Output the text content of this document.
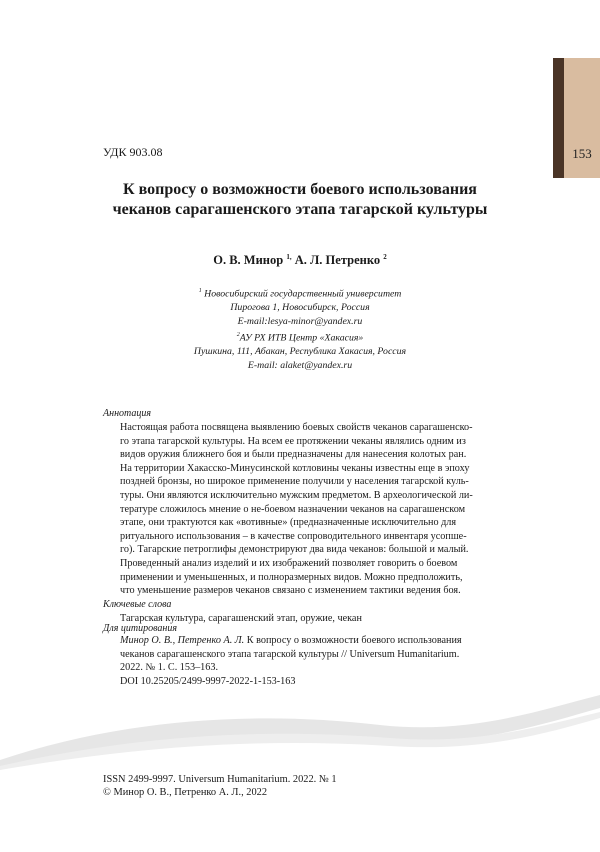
153
УДК 903.08
К вопросу о возможности боевого использования
чеканов сарагашенского этапа тагарской культуры
О. В. Минор $^{1,}$ А. Л. Петренко $^2$
$^1$ Новосибирский государственный университет
Пирогова 1, Новосибирск, Россия
E-mail:lesya-minor@yandex.ru
$^2$АУ РХ ИТВ Центр «Хакасия»
Пушкина, 111, Абакан, Республика Хакасия, Россия
E-mail: alaket@yandex.ru
Аннотация
Настоящая работа посвящена выявлению боевых свойств чеканов сарагашенско-
го этапа тагарской культуры. На всем ее протяжении чеканы являлись одним из
видов оружия ближнего боя и были предназначены для нанесения колотых ран.
На территории Хакасско-Минусинской котловины чеканы известны еще в эпоху
поздней бронзы, но широкое применение получили у населения тагарской куль-
туры. Они являются исключительно мужским предметом. В археологической ли-
тературе сложилось мнение о не-боевом назначении чеканов на сарагашенском
этапе, они трактуются как «вотивные» (предназначенные исключительно для
ритуального использования – в качестве сопроводительного инвентаря усопше-
го). Тагарские петроглифы демонстрируют два вида чеканов: большой и малый.
Проведенный анализ изделий и их изображений позволяет говорить о боевом
применении и уменьшенных, и полноразмерных видов. Можно предположить,
что уменьшение размеров чеканов связано с изменением тактики ведения боя.
Ключевые слова
Тагарская культура, сарагашенский этап, оружие, чекан
Для цитирования
Минор О. В., Петренко А. Л. К вопросу о возможности боевого использования
чеканов сарагашенского этапа тагарской культуры // Universum Humanitarium.
2022. № 1. С. 153–163.
DOI 10.25205/2499-9997-2022-1-153-163
ISSN 2499-9997. Universum Humanitarium. 2022. № 1
© Минор О. В., Петренко А. Л., 2022
